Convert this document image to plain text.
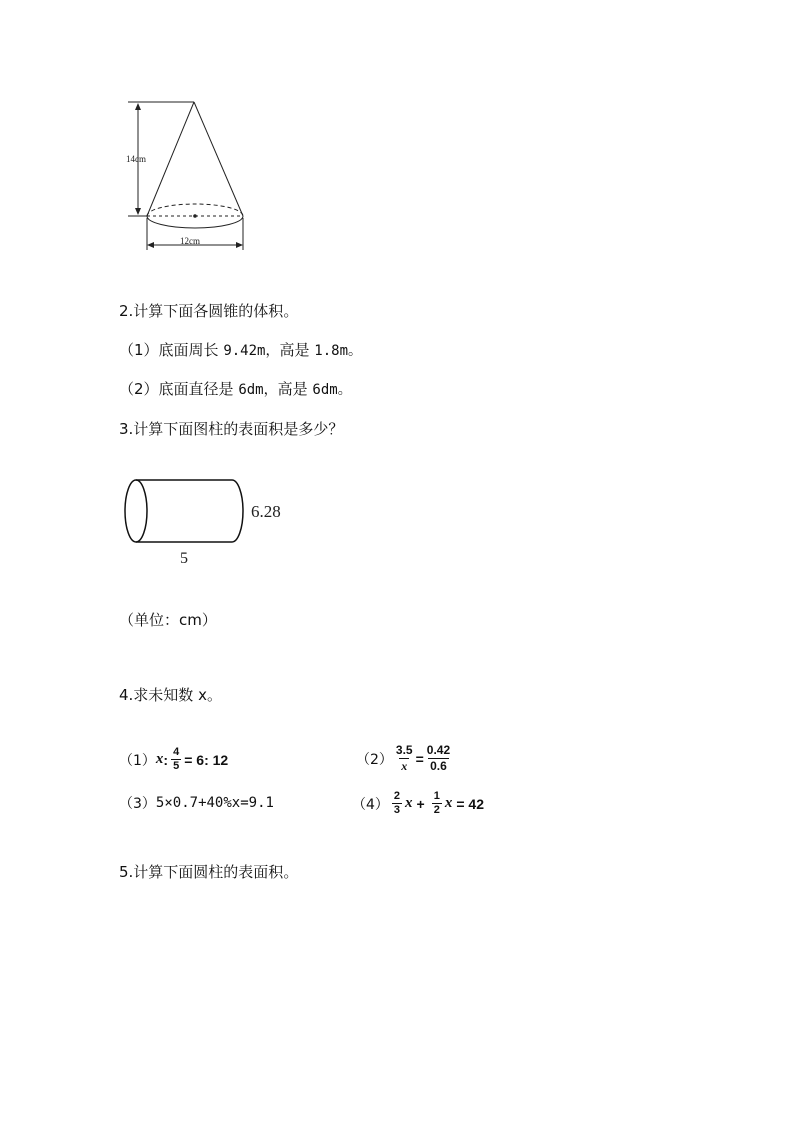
14cm
12cm
2.计算下面各圆锥的体积。
（1）底面周长 9.42m，高是 1.8m。
（2）底面直径是 6dm，高是 6dm。
3.计算下面图柱的表面积是多少？
6.28
5
（单位：cm）
4.求未知数 x。
（1） x : $\frac{4}{5} = 6$: 12	$(2) \frac{3.5}{x} = \frac{0.42}{0.6}$
（3） 5×0.7+40%x=9.1	$(4) \frac{2}{3}$ $x + \frac{1}{2}$ x = 42
5.计算下面圆柱的表面积。
